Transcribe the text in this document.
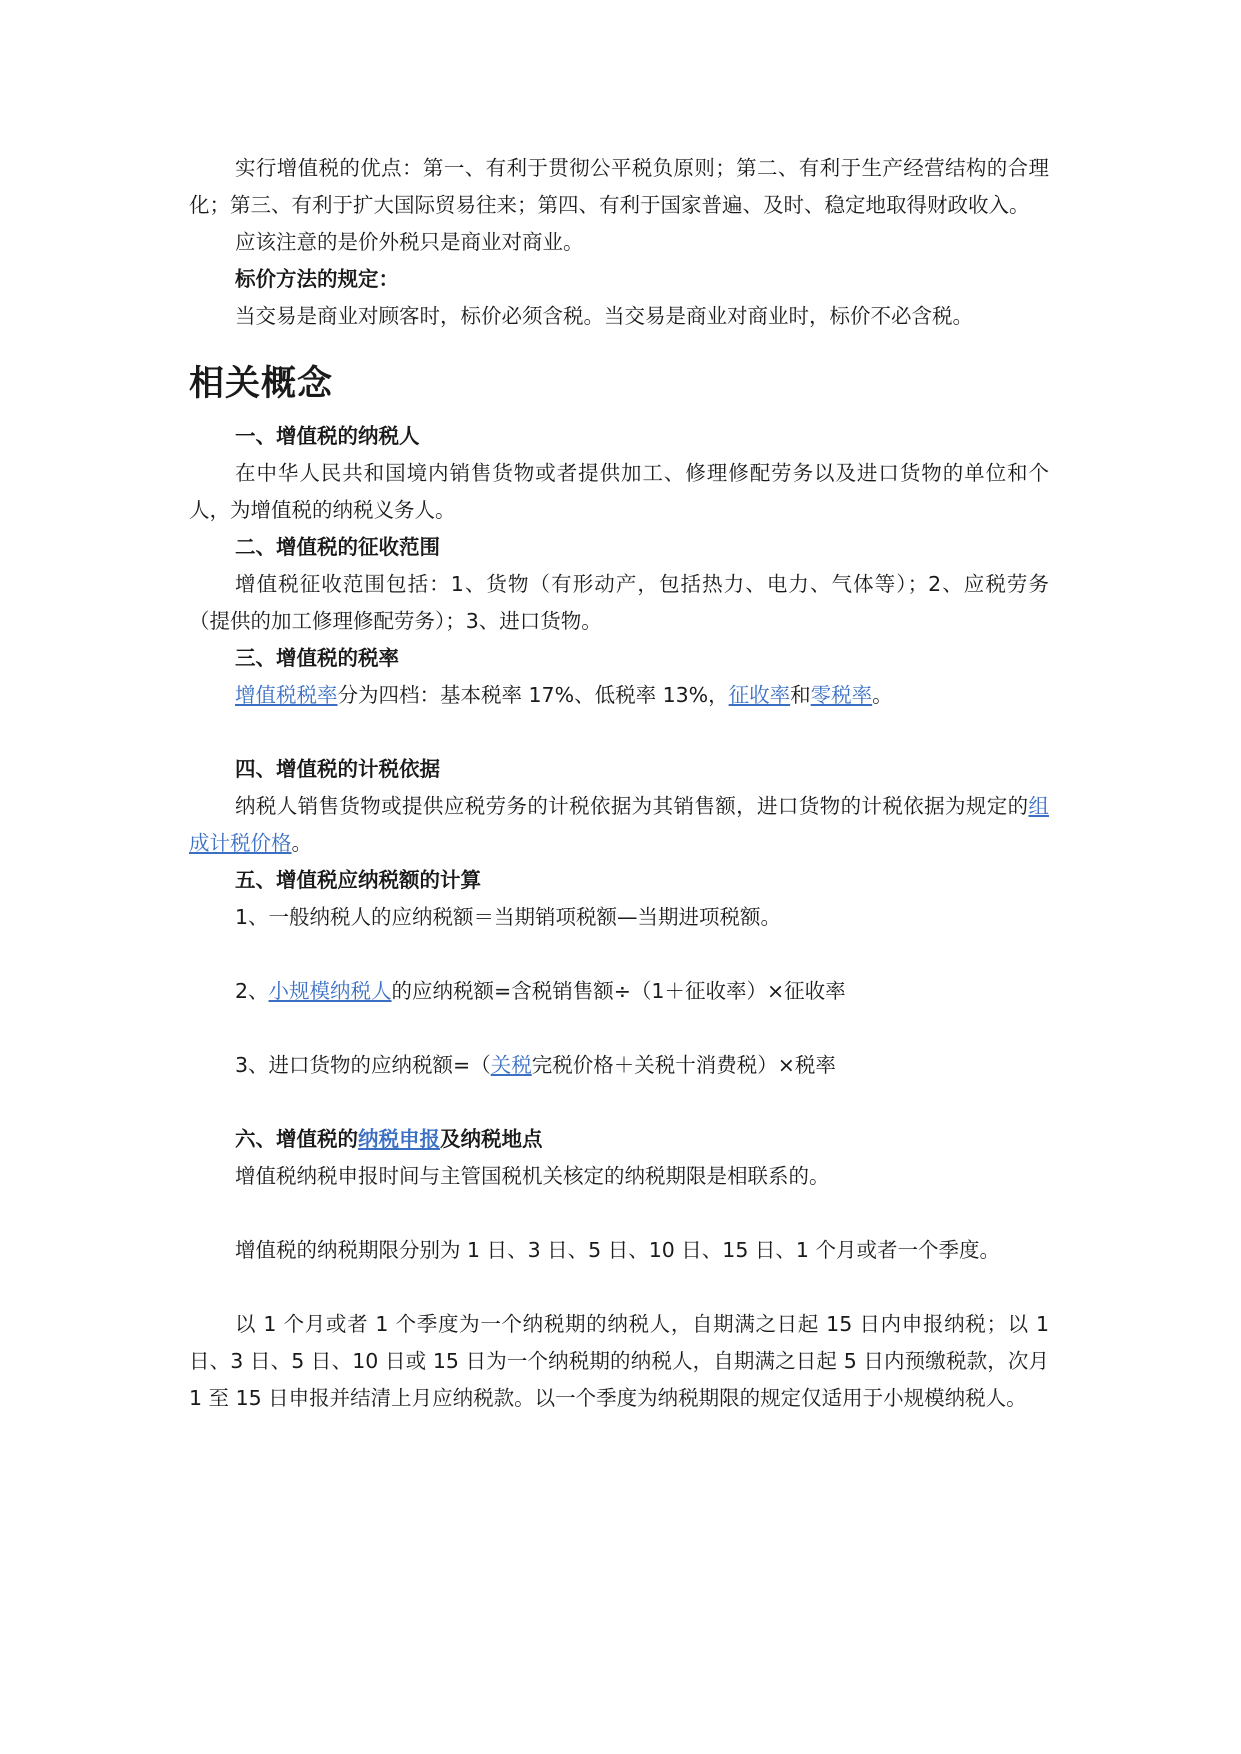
实行增值税的优点：第一、有利于贯彻公平税负原则；第二、有利于生产经营结构的合理化；第三、有利于扩大国际贸易往来；第四、有利于国家普遍、及时、稳定地取得财政收入。

应该注意的是价外税只是商业对商业。

标价方法的规定：

当交易是商业对顾客时，标价必须含税。当交易是商业对商业时，标价不必含税。

相关概念

一、增值税的纳税人

在中华人民共和国境内销售货物或者提供加工、修理修配劳务以及进口货物的单位和个人，为增值税的纳税义务人。

二、增值税的征收范围

增值税征收范围包括：1、货物（有形动产，包括热力、电力、气体等）；2、应税劳务（提供的加工修理修配劳务）；3、进口货物。

三、增值税的税率

增值税税率分为四档：基本税率 17%、低税率 13%，征收率和零税率。

四、增值税的计税依据

纳税人销售货物或提供应税劳务的计税依据为其销售额，进口货物的计税依据为规定的组成计税价格。

五、增值税应纳税额的计算

1、一般纳税人的应纳税额＝当期销项税额—当期进项税额。

2、小规模纳税人的应纳税额=含税销售额÷（1＋征收率）×征收率

3、进口货物的应纳税额=（关税完税价格＋关税十消费税）×税率

六、增值税的纳税申报及纳税地点

增值税纳税申报时间与主管国税机关核定的纳税期限是相联系的。

增值税的纳税期限分别为 1 日、3 日、5 日、10 日、15 日、1 个月或者一个季度。

以 1 个月或者 1 个季度为一个纳税期的纳税人，自期满之日起 15 日内申报纳税；以 1 日、3 日、5 日、10 日或 15 日为一个纳税期的纳税人，自期满之日起 5 日内预缴税款，次月 1 至 15 日申报并结清上月应纳税款。以一个季度为纳税期限的规定仅适用于小规模纳税人。
